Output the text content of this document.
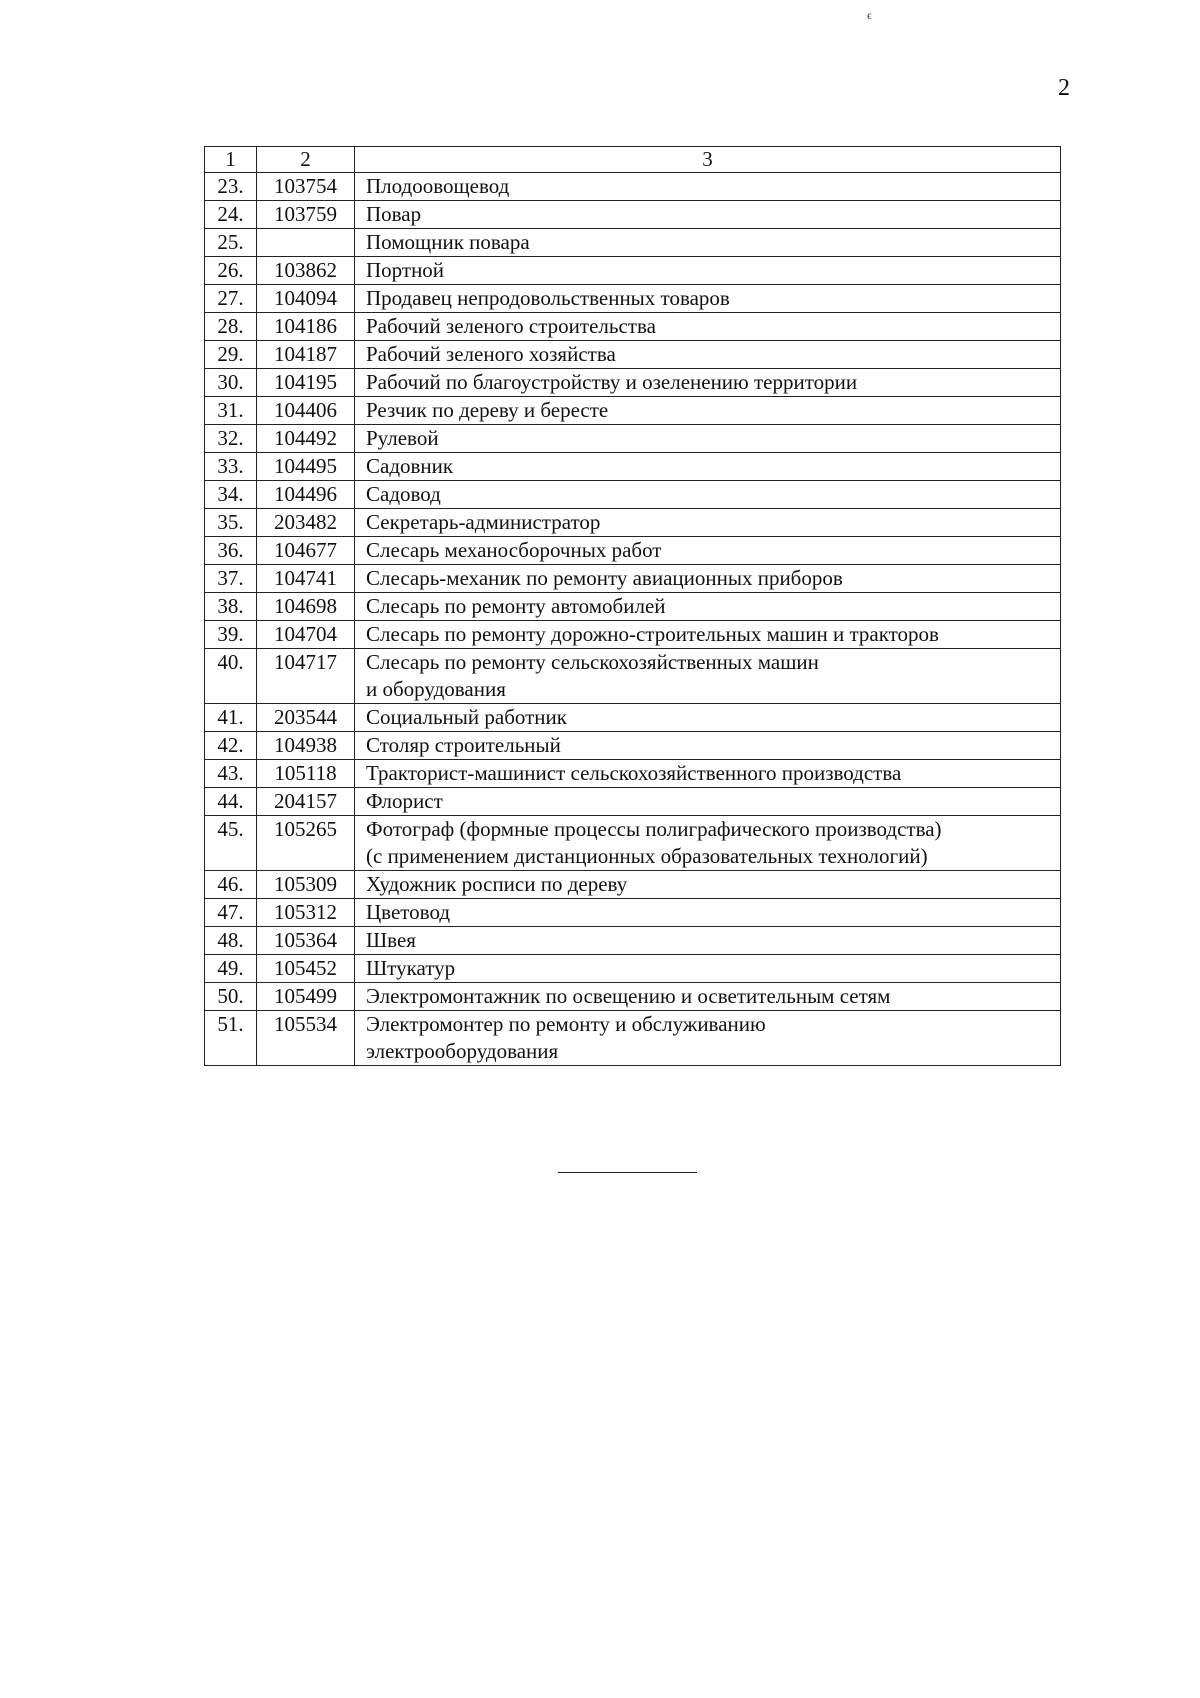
ϵ
2
1	2	3
23.	103754	Плодоовощевод

24.	103759	Повар

25.		Помощник повара

26.	103862	Портной

27.	104094	Продавец непродовольственных товаров

28.	104186	Рабочий зеленого строительства

29.	104187	Рабочий зеленого хозяйства

30.	104195	Рабочий по благоустройству и озеленению территории

31.	104406	Резчик по дереву и бересте

32.	104492	Рулевой

33.	104495	Садовник

34.	104496	Садовод

35.	203482	Секретарь-администратор

36.	104677	Слесарь механосборочных работ

37.	104741	Слесарь-механик по ремонту авиационных приборов

38.	104698	Слесарь по ремонту автомобилей

39.	104704	Слесарь по ремонту дорожно-строительных машин и тракторов

40.	104717	Слесарь по ремонту сельскохозяйственных машин
и оборудования

41.	203544	Социальный работник

42.	104938	Столяр строительный

43.	105118	Тракторист-машинист сельскохозяйственного производства

44.	204157	Флорист

45.	105265	Фотограф (формные процессы полиграфического производства)
(с применением дистанционных образовательных технологий)

46.	105309	Художник росписи по дереву

47.	105312	Цветовод

48.	105364	Швея

49.	105452	Штукатур

50.	105499	Электромонтажник по освещению и осветительным сетям

51.	105534	Электромонтер по ремонту и обслуживанию
электрооборудования
